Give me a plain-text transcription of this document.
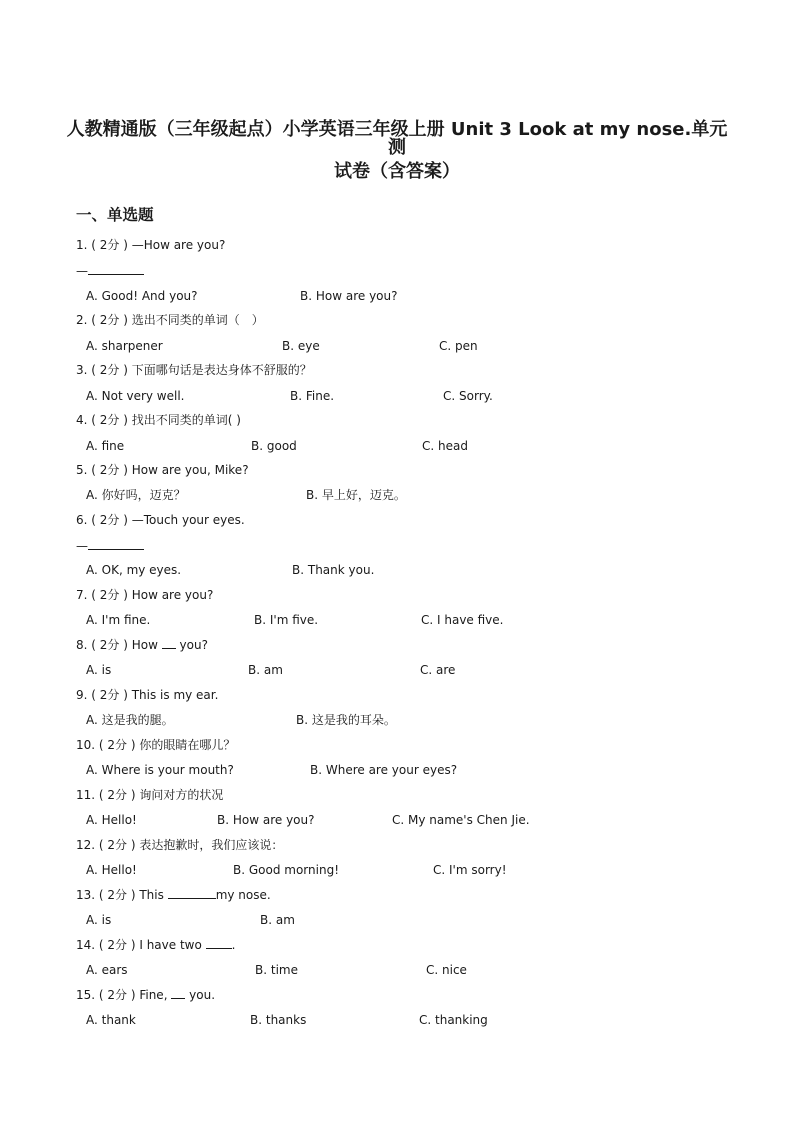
人教精通版（三年级起点）小学英语三年级上册 Unit 3 Look at my nose.单元测
试卷（含答案）
一、单选题
1. ( 2分 ) —How are you?
—
A. Good! And you?	B. How are you?
2. ( 2分 ) 选出不同类的单词（　）
A. sharpener	B. eye	C. pen
3. ( 2分 ) 下面哪句话是表达身体不舒服的？
A. Not very well.	B. Fine.	C. Sorry.
4. ( 2分 ) 找出不同类的单词( )
A. fine	B. good	C. head
5. ( 2分 ) How are you, Mike?
A. 你好吗，迈克？	B. 早上好，迈克。
6. ( 2分 ) —Touch your eyes.
—
A. OK, my eyes.	B. Thank you.
7. ( 2分 ) How are you?
A. I'm fine.	B. I'm five.	C. I have five.
8. ( 2分 ) How  you?
A. is	B. am	C. are
9. ( 2分 ) This is my ear.
A. 这是我的腿。	B. 这是我的耳朵。
10. ( 2分 ) 你的眼睛在哪儿？
A. Where is your mouth?	B. Where are your eyes?
11. ( 2分 ) 询问对方的状况
A. Hello!	B. How are you?	C. My name's Chen Jie.
12. ( 2分 ) 表达抱歉时，我们应该说：
A. Hello!	B. Good morning!	C. I'm sorry!
13. ( 2分 ) This	my nose.
A. is	B. am
14. ( 2分 ) I have two .
A. ears	B. time	C. nice
15. ( 2分 ) Fine,  you.
A. thank	B. thanks	C. thanking
